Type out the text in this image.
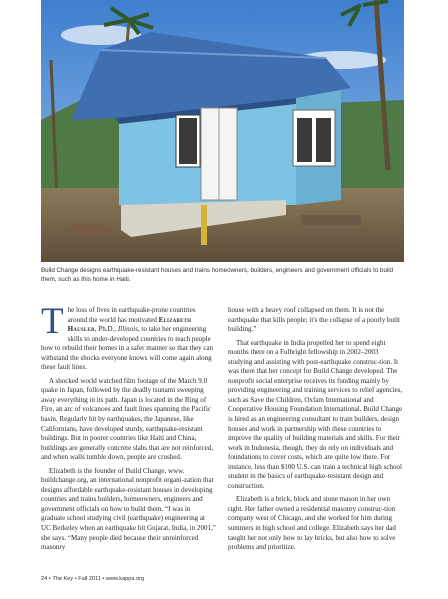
Build Change designs earthquake-resistant houses and trains homeowners, builders, engineers and government officials to build them, such as this home in Haiti.

The loss of lives in earthquake-prone countries around the world has motivated Elizabeth Hausler, Ph.D., Illinois, to take her engineering skills to under-developed countries to teach people how to rebuild their homes in a safer manner so that they can withstand the shocks everyone knows will come again along these fault lines.

A shocked world watched film footage of the March 9.0 quake in Japan, followed by the deadly tsunami sweeping away everything in its path. Japan is located in the Ring of Fire, an arc of volcanoes and fault lines spanning the Pacific basin. Regularly hit by earthquakes, the Japanese, like Californians, have developed sturdy, earthquake-resistant buildings. But in poorer countries like Haiti and China, buildings are generally concrete slabs that are not reinforced, and when walls tumble down, people are crushed.

Elizabeth is the founder of Build Change, www. buildchange.org, an international nonprofit organi-zation that designs affordable earthquake-resistant houses in developing countries and trains builders, homeowners, engineers and government officials on how to build them. “I was in graduate school studying civil (earthquake) engineering at UC Berkeley when an earthquake hit Gujarat, India, in 2001,” she says. “Many people died because their unreinforced masonry

house with a heavy roof collapsed on them. It is not the earthquake that kills people; it's the collapse of a poorly built building.”

That earthquake in India propelled her to spend eight months there on a Fulbright fellowship in 2002–2003 studying and assisting with post-earthquake construc-tion. It was there that her concept for Build Change developed. The nonprofit social enterprise receives its funding mainly by providing engineering and training services to relief agencies, such as Save the Children, Oxfam International and Cooperative Housing Foundation International. Build Change is hired as an engineering consultant to train builders, design houses and work in partnership with these countries to improve the quality of building materials and skills. For their work in Indonesia, though, they do rely on individuals and foundations to cover costs, which are quite low there. For instance, less than $100 U.S. can train a technical high school student in the basics of earthquake-resistant design and construction.

Elizabeth is a brick, block and stone mason in her own right. Her father owned a residential masonry construc-tion company west of Chicago, and she worked for him during summers in high school and college. Elizabeth says her dad taught her not only how to lay bricks, but also how to solve problems and prioritize.

24 • The Key • Fall 2011 • www.kappa.org
